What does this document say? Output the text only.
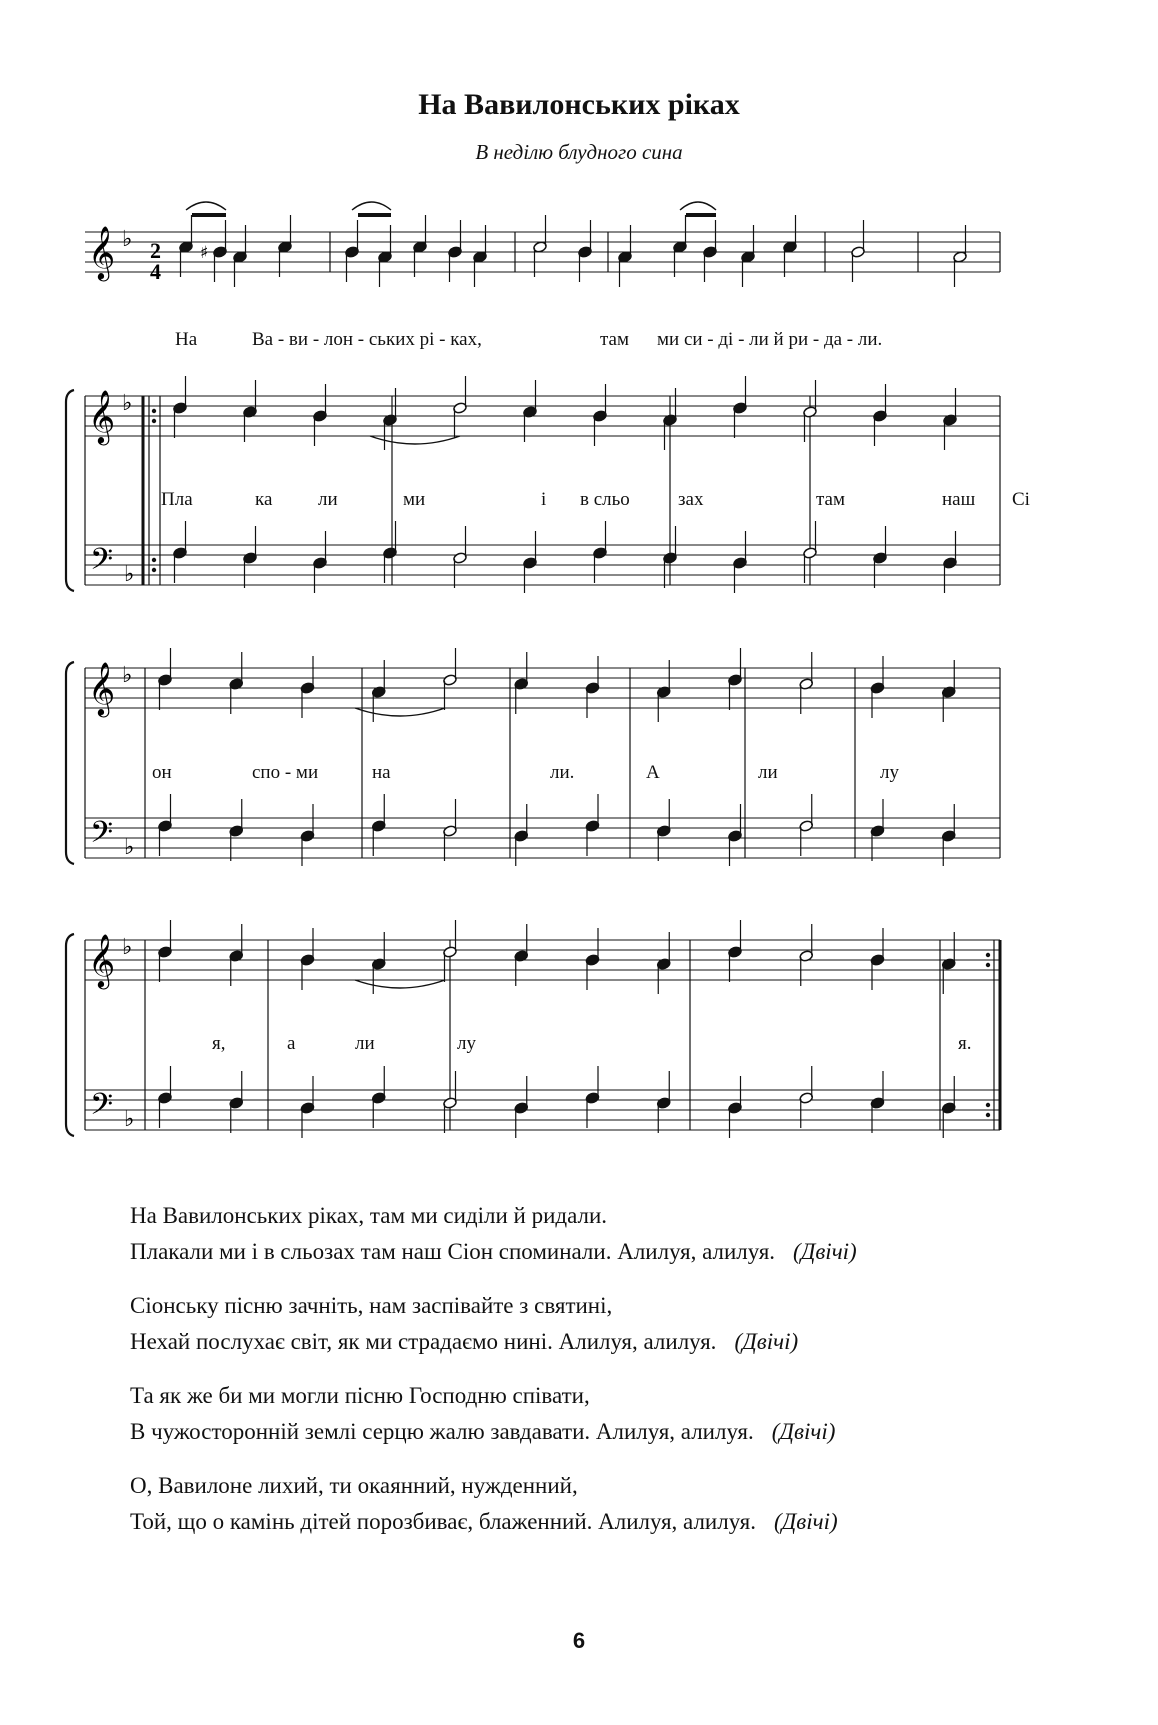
На Вавилонських ріках
В неділю блудного сина
𝄞 ♭
𝄞 ♭
𝄢 ♭
𝄞 ♭
𝄢 ♭
𝄞 ♭
𝄢 ♭
♯
2
4
На	Ва - ви - лон - ських рі - ках,	там ми си - ді - ли й ри - да - ли.
Пла	ка ли	ми	і в сльо	зах	там	наш Сі
он	спо - ми	на	ли.	А	ли	лу
я,	а	ли	лу	я.
На Вавилонських ріках, там ми сиділи й ридали.
Плакали ми і в сльозах там наш Сіон споминали. Алилуя, алилуя. (Двічі)
Сіонську пісню зачніть, нам заспівайте з святині,
Нехай послухає світ, як ми страдаємо нині. Алилуя, алилуя. (Двічі)
Та як же би ми могли пісню Господню співати,
В чужосторонній землі серцю жалю завдавати. Алилуя, алилуя. (Двічі)
О, Вавилоне лихий, ти окаянний, нужденний,
Той, що о камінь дітей порозбиває, блаженний. Алилуя, алилуя. (Двічі)
6
